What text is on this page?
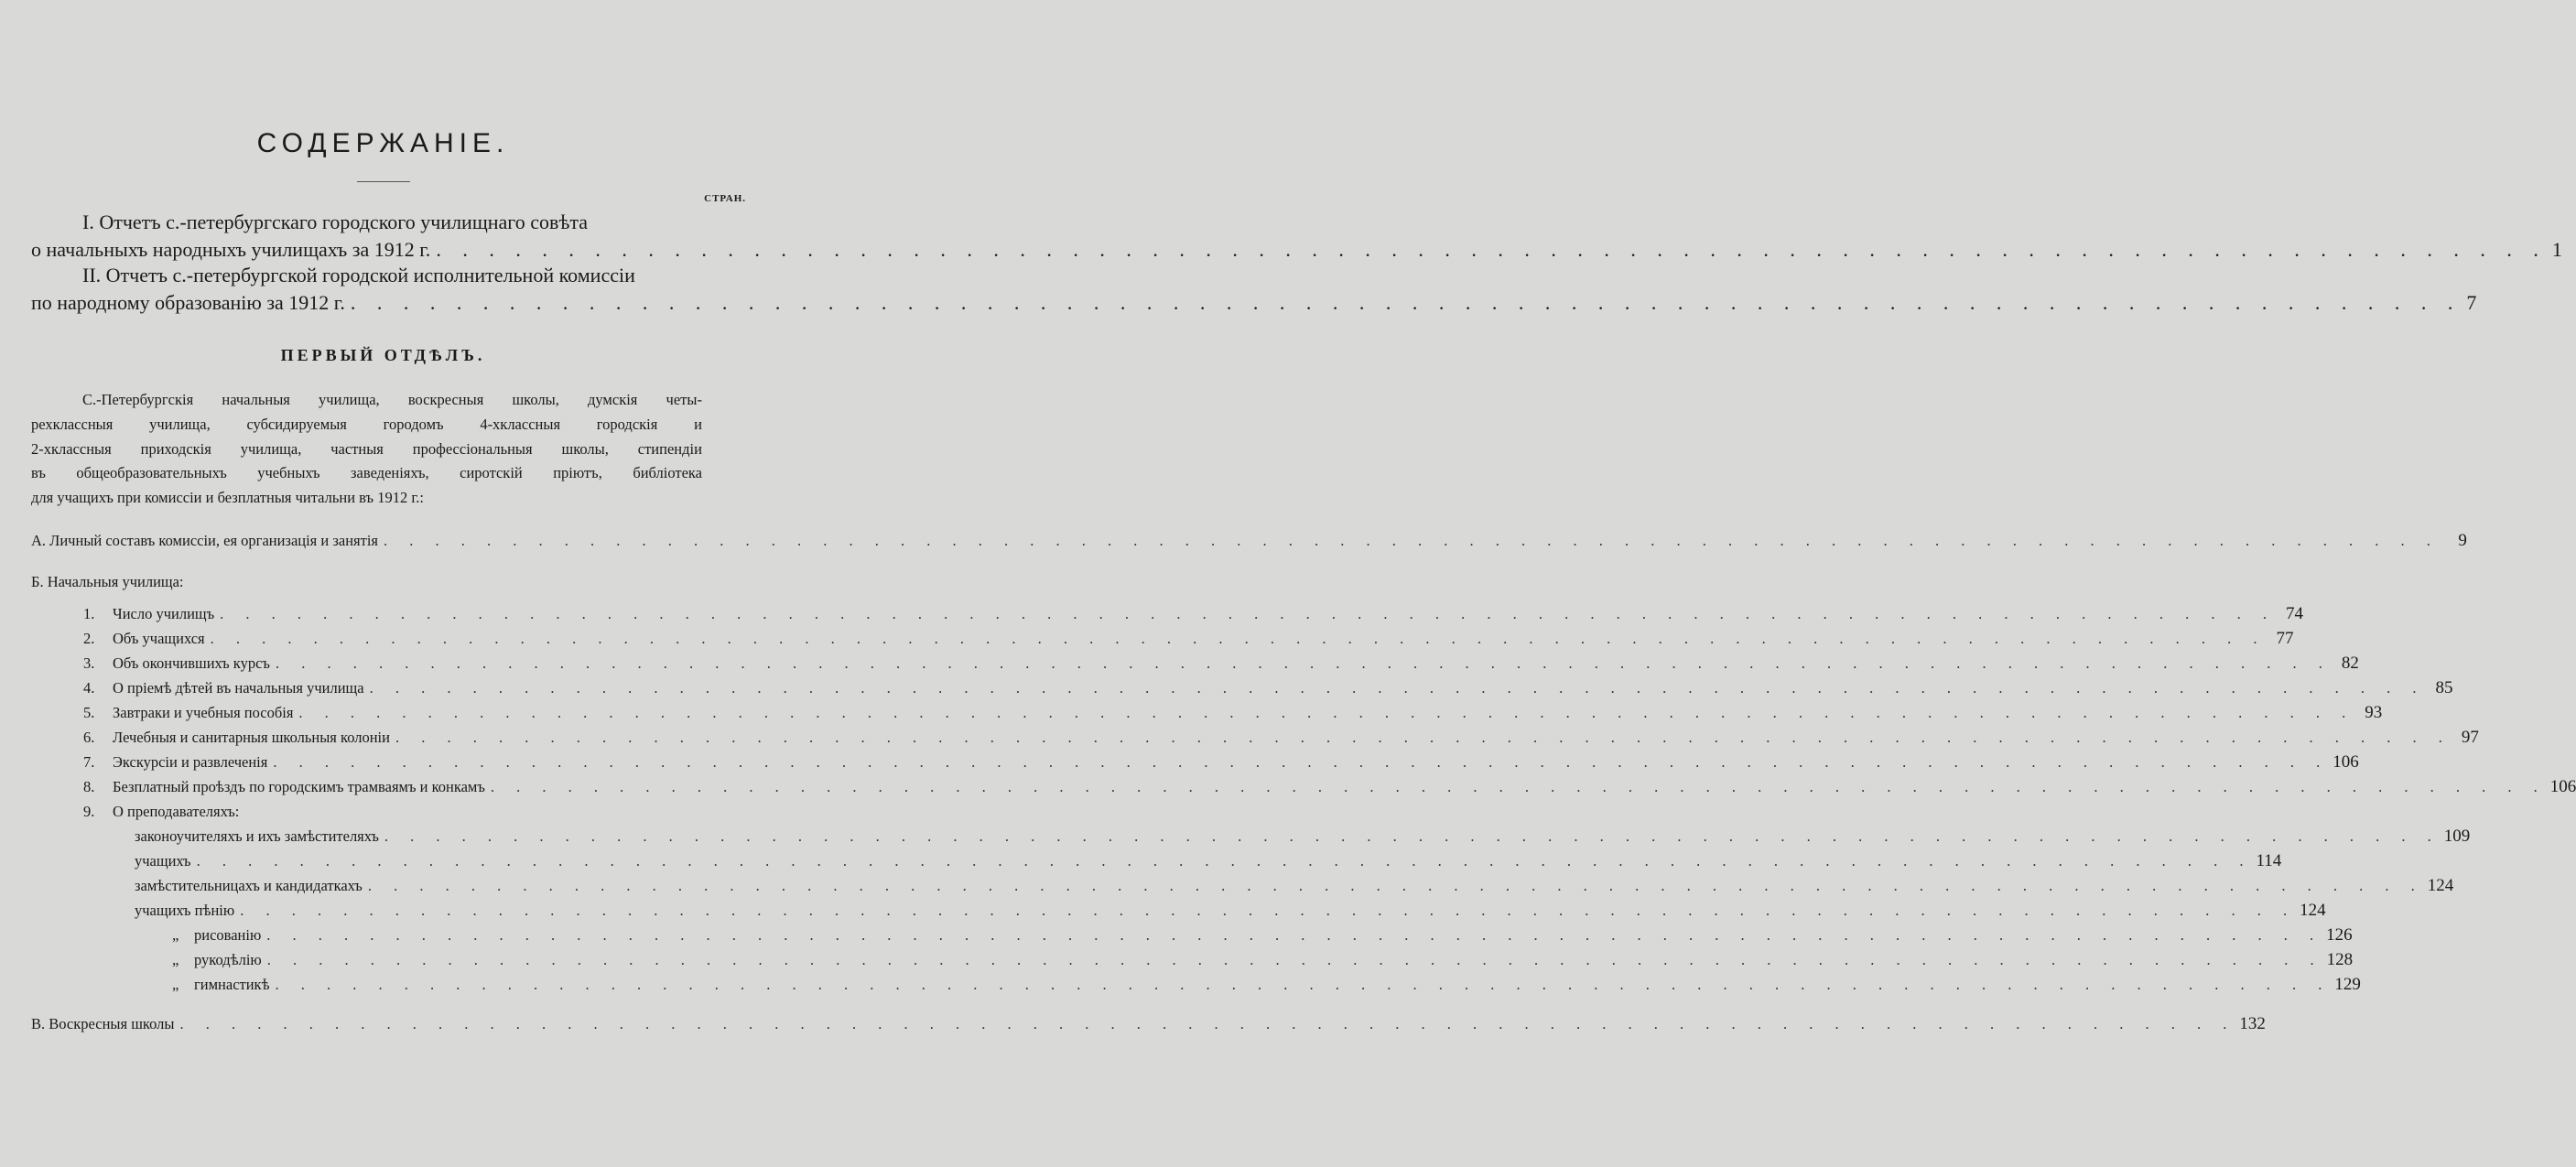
СОДЕРЖАНІЕ.
СТРАН.
I. Отчетъ с.-петербургскаго городского училищнаго совѣта
о начальныхъ народныхъ училищахъ за 1912 г. . . . . . . . . . . . . . . . . . . . . . . . . . . . . . . . . . . . . . . . . . . . . . . . . . . . . . . . . . . . . . . . . . . . . . . . . . . . . . . . . 1
II. Отчетъ с.-петербургской городской исполнительной комиссіи
по народному образованію за 1912 г. . . . . . . . . . . . . . . . . . . . . . . . . . . . . . . . . . . . . . . . . . . . . . . . . . . . . . . . . . . . . . . . . . . . . . . . . . . . . . . . . 7
ПЕРВЫЙ ОТДѢЛЪ.
С.-Петербургскія начальныя училища, воскресныя школы, думскія четы-
рехклассныя училища, субсидируемыя городомъ 4-хклассныя городскія и
2-хклассныя приходскія училища, частныя профессіональныя школы, стипендіи
въ общеобразовательныхъ учебныхъ заведеніяхъ, сиротскій пріютъ, библіотека
для учащихъ при комиссіи и безплатныя читальни въ 1912 г.:
А. Личный составъ комиссіи, ея организація и занятія . . . . . . . . . . . . . . . . . . . . . . . . . . . . . . . . . . . . . . . . . . . . . . . . . . . . . . . . . . . . . . . . . . . . . . . . . . . . . . . .	9
Б. Начальныя училища:
1.	Число училищъ . . . . . . . . . . . . . . . . . . . . . . . . . . . . . . . . . . . . . . . . . . . . . . . . . . . . . . . . . . . . . . . . . . . . . . . . . . . . . . . . 74
2.	Объ учащихся . . . . . . . . . . . . . . . . . . . . . . . . . . . . . . . . . . . . . . . . . . . . . . . . . . . . . . . . . . . . . . . . . . . . . . . . . . . . . . . . 77
3.	Объ окончившихъ курсъ . . . . . . . . . . . . . . . . . . . . . . . . . . . . . . . . . . . . . . . . . . . . . . . . . . . . . . . . . . . . . . . . . . . . . . . . . . . . . . . . 82
4.	О пріемѣ дѣтей въ начальныя училища . . . . . . . . . . . . . . . . . . . . . . . . . . . . . . . . . . . . . . . . . . . . . . . . . . . . . . . . . . . . . . . . . . . . . . . . . . . . . . . . 85
5.	Завтраки и учебныя пособія . . . . . . . . . . . . . . . . . . . . . . . . . . . . . . . . . . . . . . . . . . . . . . . . . . . . . . . . . . . . . . . . . . . . . . . . . . . . . . . . 93
6.	Лечебныя и санитарныя школьныя колоніи . . . . . . . . . . . . . . . . . . . . . . . . . . . . . . . . . . . . . . . . . . . . . . . . . . . . . . . . . . . . . . . . . . . . . . . . . . . . . . . . 97
7.	Экскурсіи и развлеченія . . . . . . . . . . . . . . . . . . . . . . . . . . . . . . . . . . . . . . . . . . . . . . . . . . . . . . . . . . . . . . . . . . . . . . . . . . . . . . . . 106
8.	Безплатный проѣздъ по городскимъ трамваямъ и конкамъ . . . . . . . . . . . . . . . . . . . . . . . . . . . . . . . . . . . . . . . . . . . . . . . . . . . . . . . . . . . . . . . . . . . . . . . . . . . . . . . . 106
9.	О преподавателяхъ:
законоучителяхъ и ихъ замѣстителяхъ . . . . . . . . . . . . . . . . . . . . . . . . . . . . . . . . . . . . . . . . . . . . . . . . . . . . . . . . . . . . . . . . . . . . . . . . . . . . . . . . 109
учащихъ . . . . . . . . . . . . . . . . . . . . . . . . . . . . . . . . . . . . . . . . . . . . . . . . . . . . . . . . . . . . . . . . . . . . . . . . . . . . . . . . 114
замѣстительницахъ и кандидаткахъ . . . . . . . . . . . . . . . . . . . . . . . . . . . . . . . . . . . . . . . . . . . . . . . . . . . . . . . . . . . . . . . . . . . . . . . . . . . . . . . . 124
учащихъ пѣнію . . . . . . . . . . . . . . . . . . . . . . . . . . . . . . . . . . . . . . . . . . . . . . . . . . . . . . . . . . . . . . . . . . . . . . . . . . . . . . . . 124
„	рисованію . . . . . . . . . . . . . . . . . . . . . . . . . . . . . . . . . . . . . . . . . . . . . . . . . . . . . . . . . . . . . . . . . . . . . . . . . . . . . . . . 126
„	рукодѣлію . . . . . . . . . . . . . . . . . . . . . . . . . . . . . . . . . . . . . . . . . . . . . . . . . . . . . . . . . . . . . . . . . . . . . . . . . . . . . . . . 128
„	гимнастикѣ . . . . . . . . . . . . . . . . . . . . . . . . . . . . . . . . . . . . . . . . . . . . . . . . . . . . . . . . . . . . . . . . . . . . . . . . . . . . . . . . 129
В. Воскресныя школы . . . . . . . . . . . . . . . . . . . . . . . . . . . . . . . . . . . . . . . . . . . . . . . . . . . . . . . . . . . . . . . . . . . . . . . . . . . . . . . . 132
